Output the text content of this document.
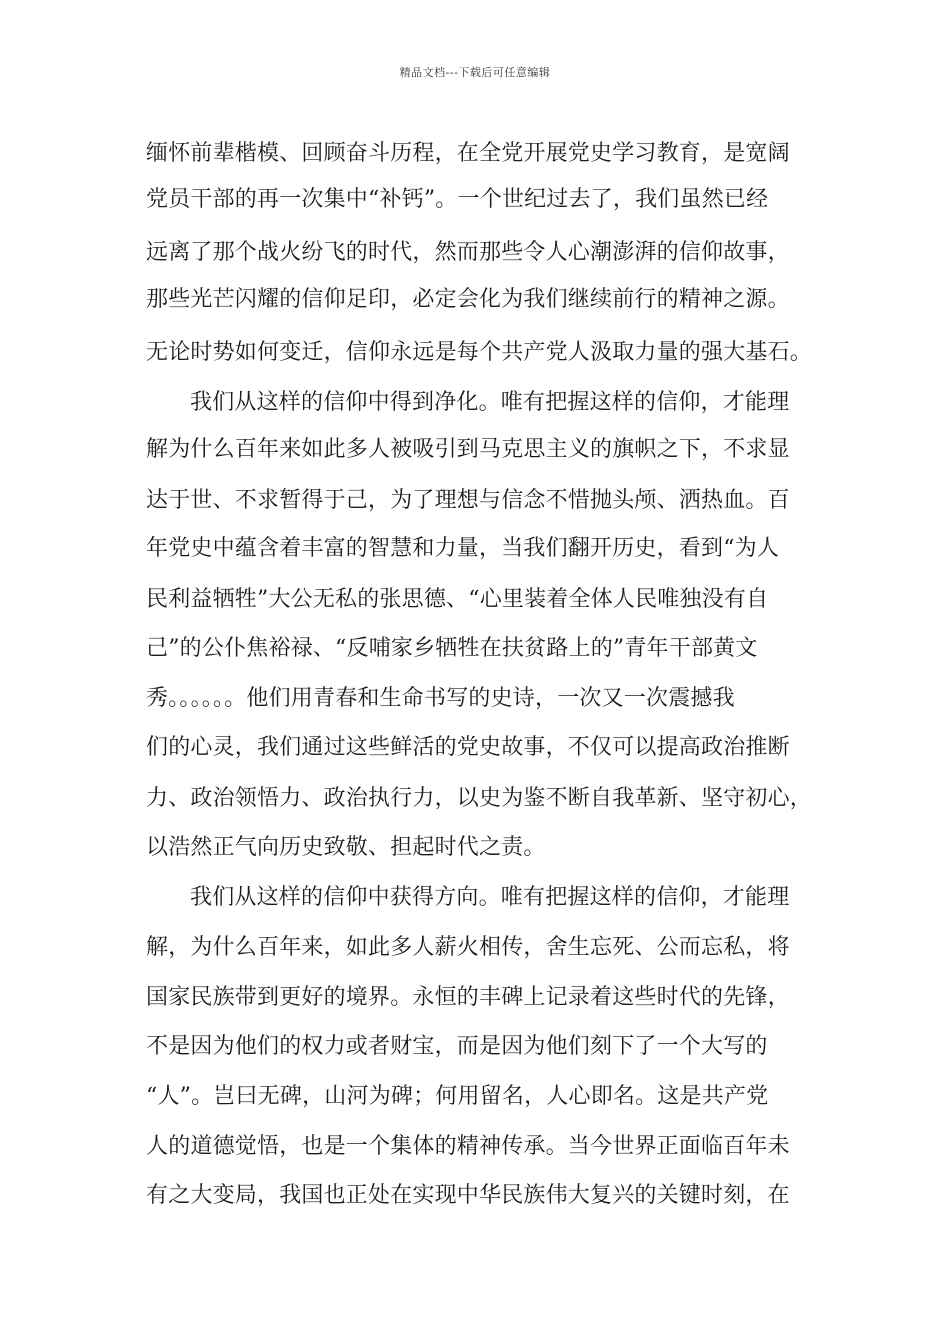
精品文档---下载后可任意编辑
缅怀前辈楷模、回顾奋斗历程，在全党开展党史学习教育，是宽阔
党员干部的再一次集中“补钙”。一个世纪过去了，我们虽然已经
远离了那个战火纷飞的时代，然而那些令人心潮澎湃的信仰故事，
那些光芒闪耀的信仰足印，必定会化为我们继续前行的精神之源。
无论时势如何变迁，信仰永远是每个共产党人汲取力量的强大基石。
我们从这样的信仰中得到净化。唯有把握这样的信仰，才能理
解为什么百年来如此多人被吸引到马克思主义的旗帜之下，不求显
达于世、不求暂得于己，为了理想与信念不惜抛头颅、洒热血。百
年党史中蕴含着丰富的智慧和力量，当我们翻开历史，看到“为人
民利益牺牲”大公无私的张思德、“心里装着全体人民唯独没有自
己”的公仆焦裕禄、“反哺家乡牺牲在扶贫路上的”青年干部黄文
秀。。。。。。他们用青春和生命书写的史诗，一次又一次震撼我
们的心灵，我们通过这些鲜活的党史故事，不仅可以提高政治推断
力、政治领悟力、政治执行力，以史为鉴不断自我革新、坚守初心，
以浩然正气向历史致敬、担起时代之责。
我们从这样的信仰中获得方向。唯有把握这样的信仰，才能理
解，为什么百年来，如此多人薪火相传，舍生忘死、公而忘私，将
国家民族带到更好的境界。永恒的丰碑上记录着这些时代的先锋，
不是因为他们的权力或者财宝，而是因为他们刻下了一个大写的
“人”。岂曰无碑，山河为碑；何用留名，人心即名。这是共产党
人的道德觉悟，也是一个集体的精神传承。当今世界正面临百年未
有之大变局，我国也正处在实现中华民族伟大复兴的关键时刻，在
